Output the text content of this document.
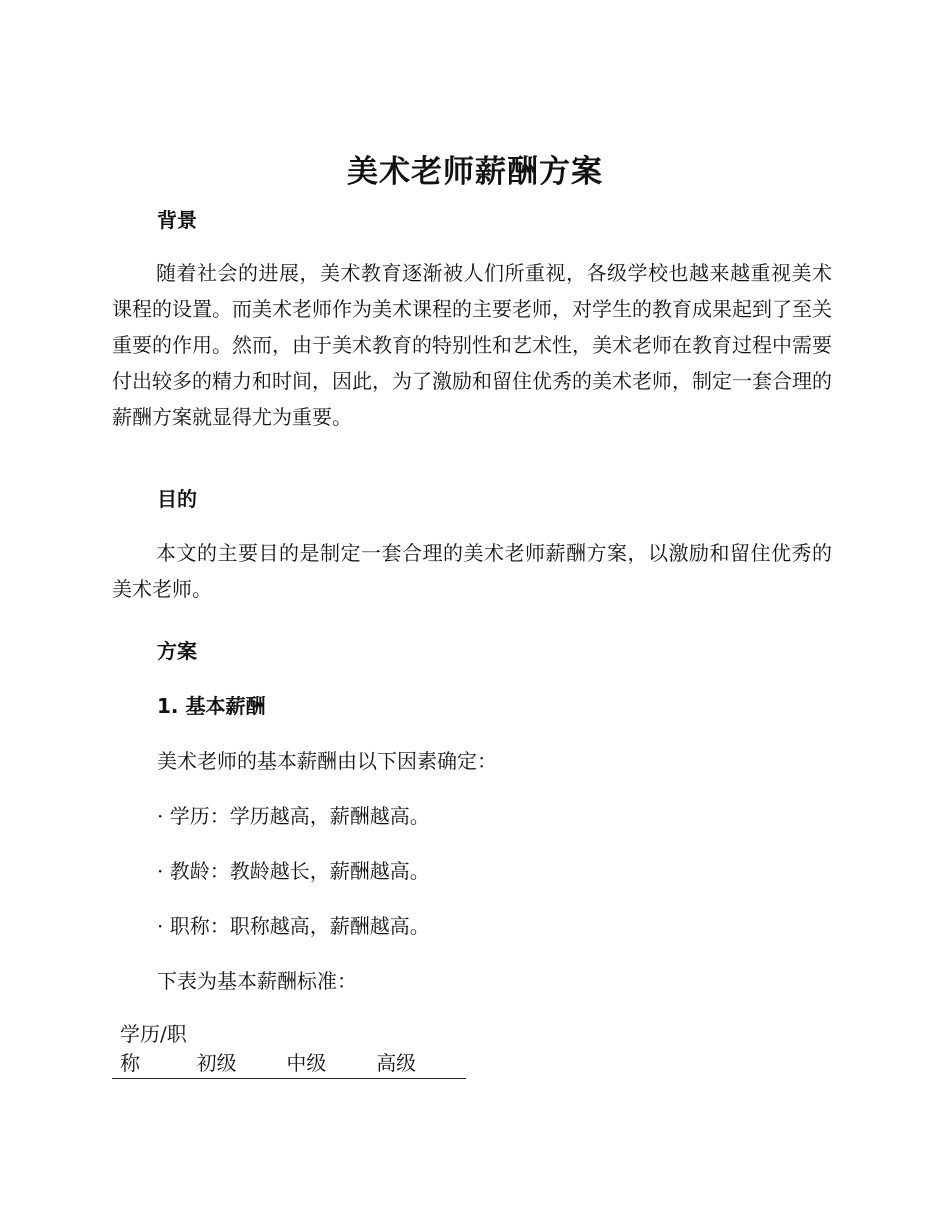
美术老师薪酬方案
背景
随着社会的进展，美术教育逐渐被人们所重视，各级学校也越来越重视美术课程的设置。而美术老师作为美术课程的主要老师，对学生的教育成果起到了至关重要的作用。然而，由于美术教育的特别性和艺术性，美术老师在教育过程中需要付出较多的精力和时间，因此，为了激励和留住优秀的美术老师，制定一套合理的薪酬方案就显得尤为重要。
目的
本文的主要目的是制定一套合理的美术老师薪酬方案，以激励和留住优秀的美术老师。
方案
1. 基本薪酬
美术老师的基本薪酬由以下因素确定：
· 学历：学历越高，薪酬越高。
· 教龄：教龄越长，薪酬越高。
· 职称：职称越高，薪酬越高。
下表为基本薪酬标准：
学历/职称	初级	中级	高级
